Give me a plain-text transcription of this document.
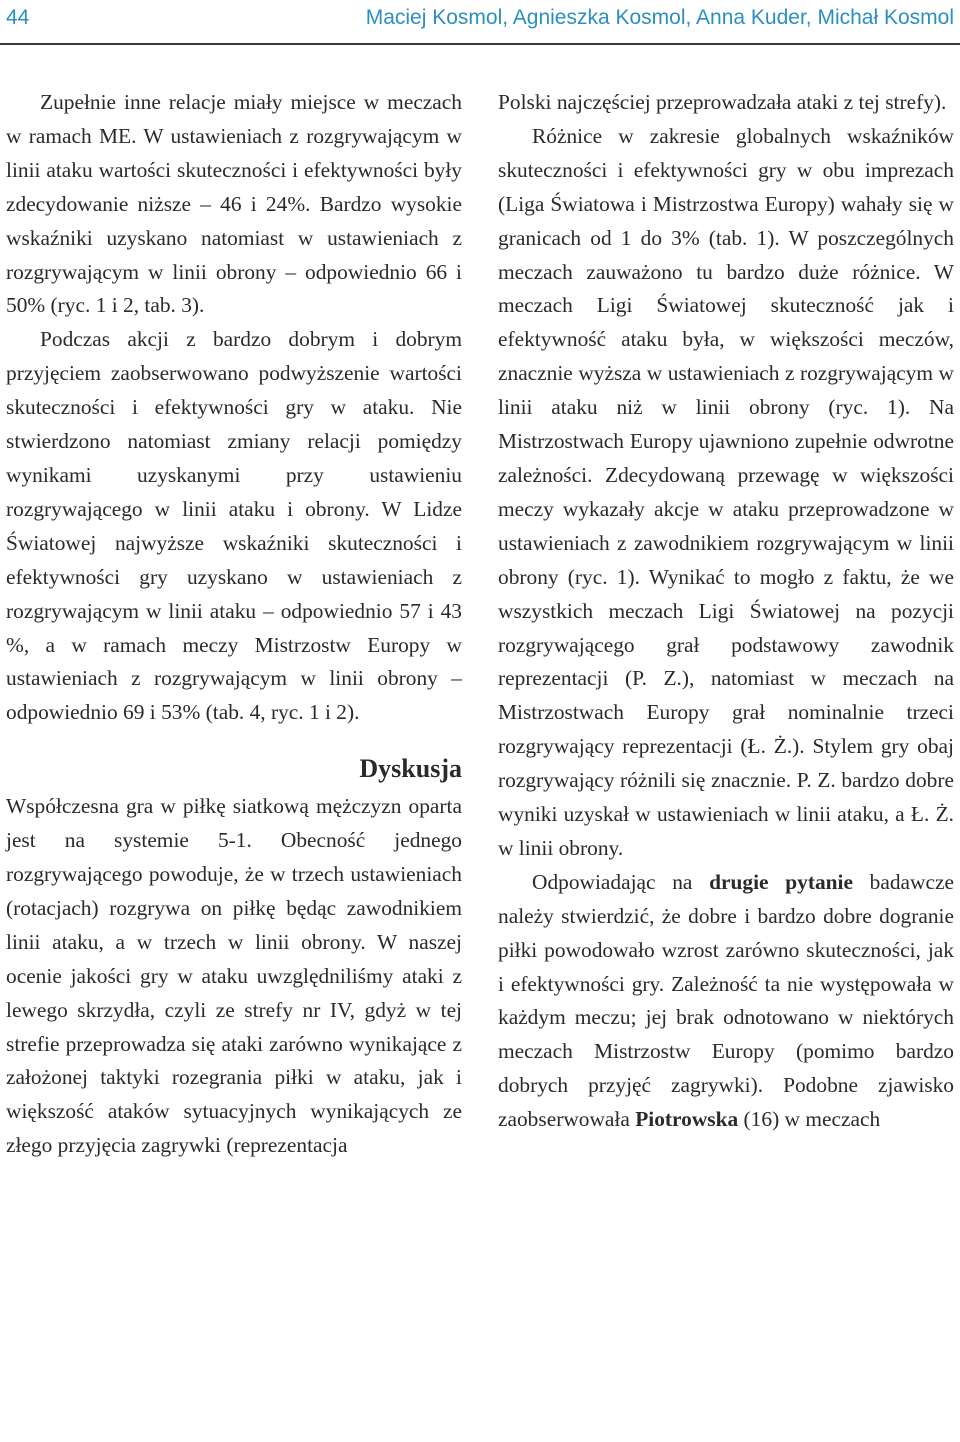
44	Maciej Kosmol, Agnieszka Kosmol, Anna Kuder, Michał Kosmol

Zupełnie inne relacje miały miejsce w meczach w ramach ME. W ustawieniach z rozgrywającym w linii ataku wartości skuteczności i efektywności były zdecydowanie niższe – 46 i 24%. Bardzo wysokie wskaźniki uzyskano natomiast w ustawieniach z rozgrywającym w linii obrony – odpowiednio 66 i 50% (ryc. 1 i 2, tab. 3).

Podczas akcji z bardzo dobrym i dobrym przyjęciem zaobserwowano podwyższenie wartości skuteczności i efektywności gry w ataku. Nie stwierdzono natomiast zmiany relacji pomiędzy wynikami uzyskanymi przy ustawieniu rozgrywającego w linii ataku i obrony. W Lidze Światowej najwyższe wskaźniki skuteczności i efektywności gry uzyskano w ustawieniach z rozgrywającym w linii ataku – odpowiednio 57 i 43 %, a w ramach meczy Mistrzostw Europy w ustawieniach z rozgrywającym w linii obrony – odpowiednio 69 i 53% (tab. 4, ryc. 1 i 2).

Dyskusja

Współczesna gra w piłkę siatkową mężczyzn oparta jest na systemie 5-1. Obecność jednego rozgrywającego powoduje, że w trzech ustawieniach (rotacjach) rozgrywa on piłkę będąc zawodnikiem linii ataku, a w trzech w linii obrony. W naszej ocenie jakości gry w ataku uwzględniliśmy ataki z lewego skrzydła, czyli ze strefy nr IV, gdyż w tej strefie przeprowadza się ataki zarówno wynikające z założonej taktyki rozegrania piłki w ataku, jak i większość ataków sytuacyjnych wynikających ze złego przyjęcia zagrywki (reprezentacja

Polski najczęściej przeprowadzała ataki z tej strefy).

Różnice w zakresie globalnych wskaźników skuteczności i efektywności gry w obu imprezach (Liga Światowa i Mistrzostwa Europy) wahały się w granicach od 1 do 3% (tab. 1). W poszczególnych meczach zauważono tu bardzo duże różnice. W meczach Ligi Światowej skuteczność jak i efektywność ataku była, w większości meczów, znacznie wyższa w ustawieniach z rozgrywającym w linii ataku niż w linii obrony (ryc. 1). Na Mistrzostwach Europy ujawniono zupełnie odwrotne zależności. Zdecydowaną przewagę w większości meczy wykazały akcje w ataku przeprowadzone w ustawieniach z zawodnikiem rozgrywającym w linii obrony (ryc. 1). Wynikać to mogło z faktu, że we wszystkich meczach Ligi Światowej na pozycji rozgrywającego grał podstawowy zawodnik reprezentacji (P. Z.), natomiast w meczach na Mistrzostwach Europy grał nominalnie trzeci rozgrywający reprezentacji (Ł. Ż.). Stylem gry obaj rozgrywający różnili się znacznie. P. Z. bardzo dobre wyniki uzyskał w ustawieniach w linii ataku, a Ł. Ż. w linii obrony.

Odpowiadając na drugie pytanie badawcze należy stwierdzić, że dobre i bardzo dobre dogranie piłki powodowało wzrost zarówno skuteczności, jak i efektywności gry. Zależność ta nie występowała w każdym meczu; jej brak odnotowano w niektórych meczach Mistrzostw Europy (pomimo bardzo dobrych przyjęć zagrywki). Podobne zjawisko zaobserwowała Piotrowska (16) w meczach
